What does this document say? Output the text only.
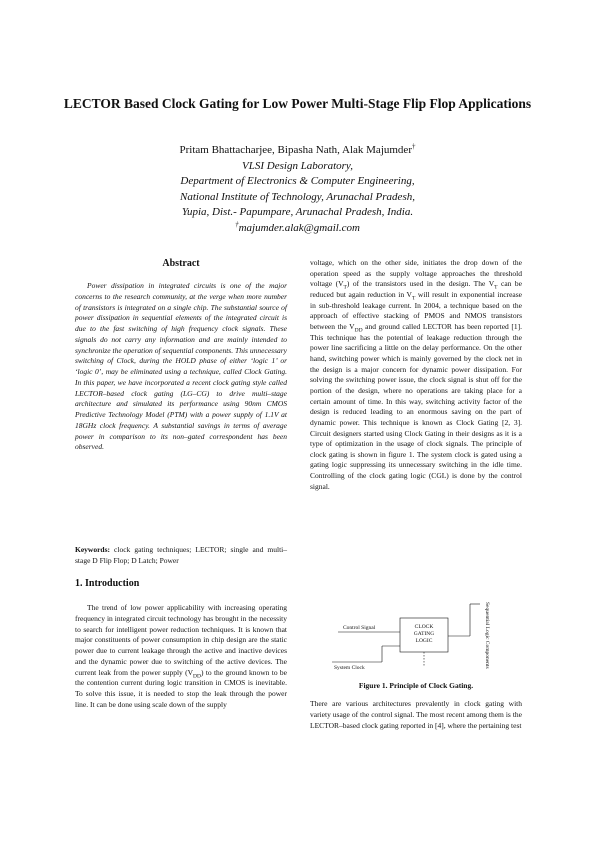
LECTOR Based Clock Gating for Low Power Multi-Stage Flip Flop Applications
Pritam Bhattacharjee, Bipasha Nath, Alak Majumder†
VLSI Design Laboratory,
Department of Electronics & Computer Engineering,
National Institute of Technology, Arunachal Pradesh,
Yupia, Dist.- Papumpare, Arunachal Pradesh, India.
†majumder.alak@gmail.com
Abstract

Power dissipation in integrated circuits is one of the major concerns to the research community, at the verge when more number of transistors is integrated on a single chip. The substantial source of power dissipation in sequential elements of the integrated circuit is due to the fast switching of high frequency clock signals. These signals do not carry any information and are mainly intended to synchronize the operation of sequential components. This unnecessary switching of Clock, during the HOLD phase of either ‘logic 1’ or ‘logic 0’, may be eliminated using a technique, called Clock Gating. In this paper, we have incorporated a recent clock gating style called LECTOR–based clock gating (LG–CG) to drive multi–stage architecture and simulated its performance using 90nm CMOS Predictive Technology Model (PTM) with a power supply of 1.1V at 18GHz clock frequency. A substantial savings in terms of average power in comparison to its non–gated correspondent has been observed.

Keywords: clock gating techniques; LECTOR; single and multi–stage D Flip Flop; D Latch; Power

1. Introduction

The trend of low power applicability with increasing operating frequency in integrated circuit technology has brought in the necessity to search for intelligent power reduction techniques. It is known that major constituents of power consumption in chip design are the static power due to current leakage through the active and inactive devices and the dynamic power due to switching of the active devices. The current leak from the power supply $(V_{DD})$ to the ground known to be the contention current during logic transition in CMOS is inevitable. To solve this issue, it is needed to stop the leak through the power line. It can be done using scale down of the supply

voltage, which on the other side, initiates the drop down of the operation speed as the supply voltage approaches the threshold voltage $(V_T)$ of the transistors used in the design. The $V_T$ can be reduced but again reduction in $V_T$ will result in exponential increase in sub-threshold leakage current. In 2004, a technique based on the approach of effective stacking of PMOS and NMOS transistors between the $V_{DD}$ and ground called LECTOR has been reported [1]. This technique has the potential of leakage reduction through the power line sacrificing a little on the delay performance. On the other hand, switching power which is mainly governed by the clock net in the design is a major concern for dynamic power dissipation. For solving the switching power issue, the clock signal is shut off for the portion of the design, where no operations are taking place for a certain amount of time. In this way, switching activity factor of the design is reduced leading to an enormous saving on the part of dynamic power. This technique is known as Clock Gating [2, 3]. Circuit designers started using Clock Gating in their designs as it is a type of optimization in the usage of clock signals. The principle of clock gating is shown in figure 1. The system clock is gated using a gating logic suppressing its unnecessary switching in the idle time. Controlling of the clock gating logic (CGL) is done by the control signal.

Control Signal	CLOCK
GATING
LOGIC
System Clock	Sequential Logic Components

Figure 1. Principle of Clock Gating.

There are various architectures prevalently in clock gating with variety usage of the control signal. The most recent among them is the LECTOR–based clock gating reported in [4], where the pertaining test
